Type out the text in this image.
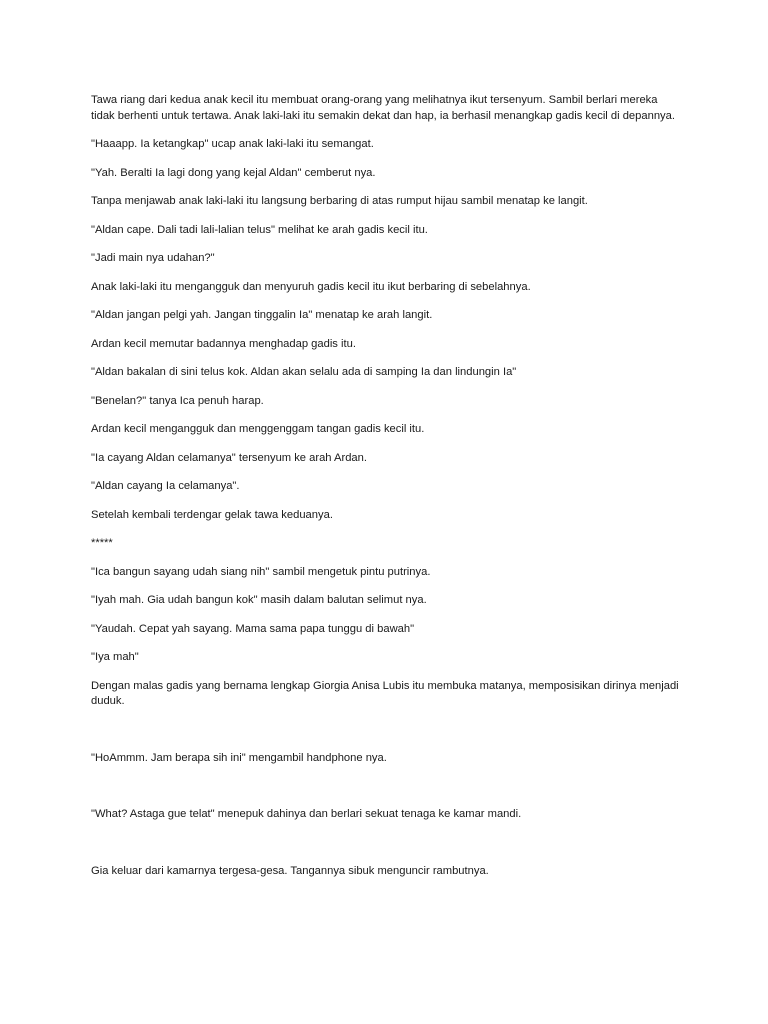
Tawa riang dari kedua anak kecil itu membuat orang-orang yang melihatnya ikut tersenyum. Sambil berlari mereka tidak berhenti untuk tertawa. Anak laki-laki itu semakin dekat dan hap, ia berhasil menangkap gadis kecil di depannya.

"Haaapp. Ia ketangkap" ucap anak laki-laki itu semangat.

"Yah. Beralti Ia lagi dong yang kejal Aldan" cemberut nya.

Tanpa menjawab anak laki-laki itu langsung berbaring di atas rumput hijau sambil menatap ke langit.

"Aldan cape. Dali tadi lali-lalian telus" melihat ke arah gadis kecil itu.

"Jadi main nya udahan?"

Anak laki-laki itu mengangguk dan menyuruh gadis kecil itu ikut berbaring di sebelahnya.

"Aldan jangan pelgi yah. Jangan tinggalin Ia" menatap ke arah langit.

Ardan kecil memutar badannya menghadap gadis itu.

"Aldan bakalan di sini telus kok. Aldan akan selalu ada di samping Ia dan lindungin Ia"

"Benelan?" tanya Ica penuh harap.

Ardan kecil mengangguk dan menggenggam tangan gadis kecil itu.

"Ia cayang Aldan celamanya" tersenyum ke arah Ardan.

"Aldan cayang Ia celamanya".

Setelah kembali terdengar gelak tawa keduanya.

*****

"Ica bangun sayang udah siang nih" sambil mengetuk pintu putrinya.

"Iyah mah. Gia udah bangun kok" masih dalam balutan selimut nya.

"Yaudah. Cepat yah sayang. Mama sama papa tunggu di bawah"

"Iya mah"

Dengan malas gadis yang bernama lengkap Giorgia Anisa Lubis itu membuka matanya, memposisikan dirinya menjadi duduk.

"HoAmmm. Jam berapa sih ini" mengambil handphone nya.

"What? Astaga gue telat" menepuk dahinya dan berlari sekuat tenaga ke kamar mandi.

Gia keluar dari kamarnya tergesa-gesa. Tangannya sibuk menguncir rambutnya.
